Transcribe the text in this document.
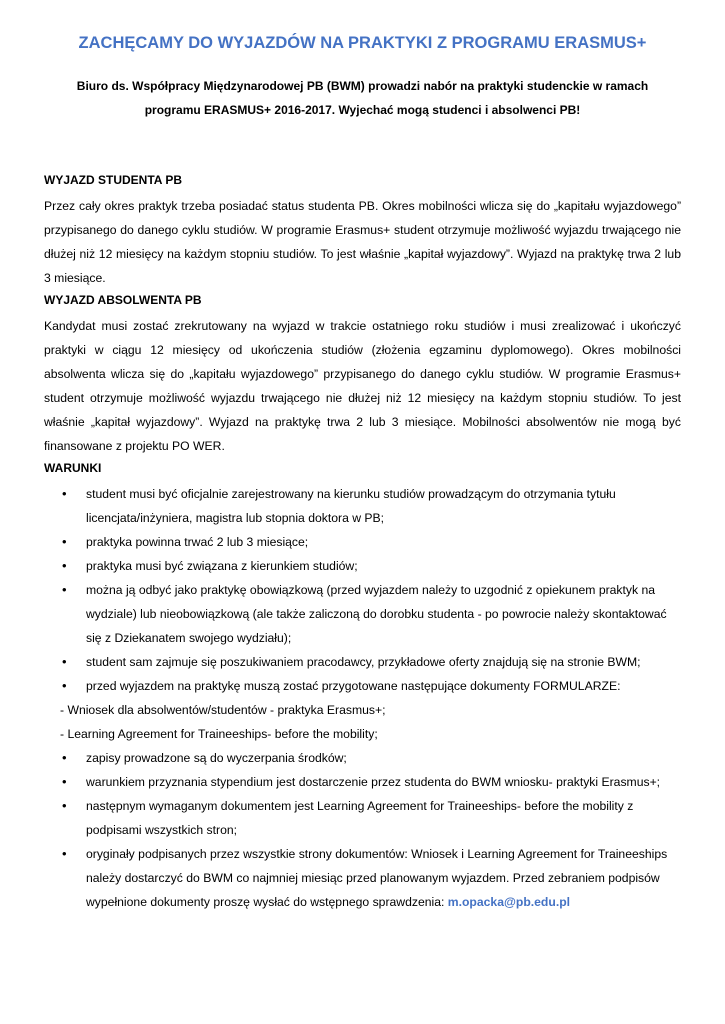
ZACHĘCAMY DO WYJAZDÓW NA PRAKTYKI Z PROGRAMU ERASMUS+
Biuro ds. Współpracy Międzynarodowej PB (BWM) prowadzi nabór na praktyki studenckie w ramach
programu ERASMUS+ 2016-2017. Wyjechać mogą studenci i absolwenci PB!
WYJAZD STUDENTA PB

Przez cały okres praktyk trzeba posiadać status studenta PB. Okres mobilności wlicza się do „kapitału wyjazdowego” przypisanego do danego cyklu studiów. W programie Erasmus+ student otrzymuje możliwość wyjazdu trwającego nie dłużej niż 12 miesięcy na każdym stopniu studiów. To jest właśnie „kapitał wyjazdowy”. Wyjazd na praktykę trwa 2 lub 3 miesiące.

WYJAZD ABSOLWENTA PB

Kandydat musi zostać zrekrutowany na wyjazd w trakcie ostatniego roku studiów i musi zrealizować i ukończyć praktyki w ciągu 12 miesięcy od ukończenia studiów (złożenia egzaminu dyplomowego). Okres mobilności absolwenta wlicza się do „kapitału wyjazdowego” przypisanego do danego cyklu studiów. W programie Erasmus+ student otrzymuje możliwość wyjazdu trwającego nie dłużej niż 12 miesięcy na każdym stopniu studiów. To jest właśnie „kapitał wyjazdowy”. Wyjazd na praktykę trwa 2 lub 3 miesiące. Mobilności absolwentów nie mogą być finansowane z projektu PO WER.

WARUNKI
• student musi być oficjalnie zarejestrowany na kierunku studiów prowadzącym do otrzymania tytułu licencjata/inżyniera, magistra lub stopnia doktora w PB;
• praktyka powinna trwać 2 lub 3 miesiące;
• praktyka musi być związana z kierunkiem studiów;
• można ją odbyć jako praktykę obowiązkową (przed wyjazdem należy to uzgodnić z opiekunem praktyk na wydziale) lub nieobowiązkową (ale także zaliczoną do dorobku studenta - po powrocie należy skontaktować się z Dziekanatem swojego wydziału);
• student sam zajmuje się poszukiwaniem pracodawcy, przykładowe oferty znajdują się na stronie BWM;
• przed wyjazdem na praktykę muszą zostać przygotowane następujące dokumenty FORMULARZE:
- Wniosek dla absolwentów/studentów - praktyka Erasmus+;
- Learning Agreement for Traineeships- before the mobility;
• zapisy prowadzone są do wyczerpania środków;
• warunkiem przyznania stypendium jest dostarczenie przez studenta do BWM wniosku- praktyki Erasmus+;
• następnym wymaganym dokumentem jest Learning Agreement for Traineeships- before the mobility z podpisami wszystkich stron;
• oryginały podpisanych przez wszystkie strony dokumentów: Wniosek i Learning Agreement for Traineeships należy dostarczyć do BWM co najmniej miesiąc przed planowanym wyjazdem. Przed zebraniem podpisów wypełnione dokumenty proszę wysłać do wstępnego sprawdzenia: m.opacka@pb.edu.pl
